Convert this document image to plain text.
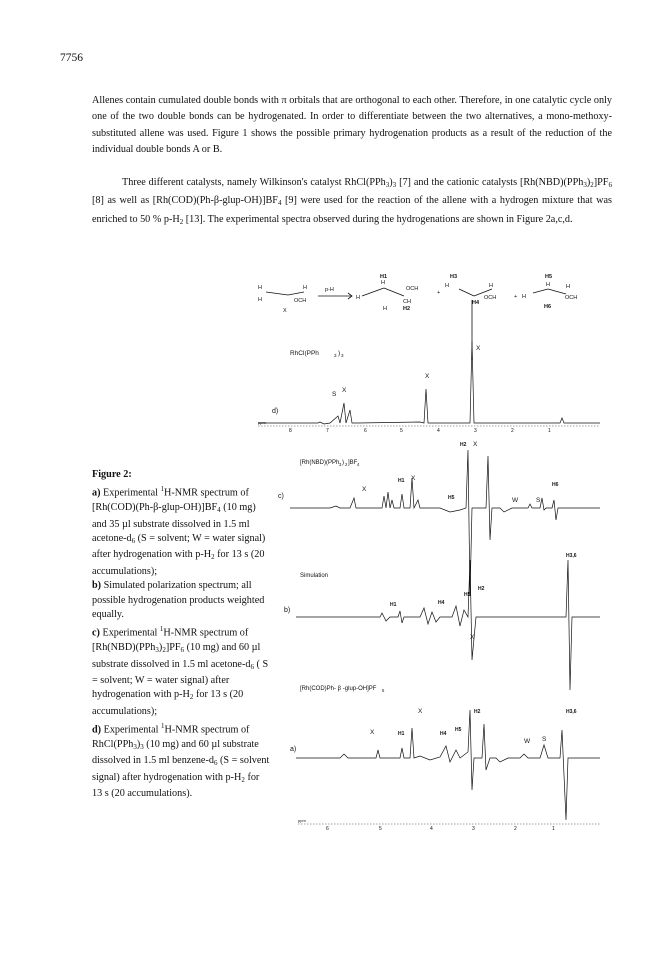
7756

Allenes contain cumulated double bonds with π orbitals that are orthogonal to each other. Therefore, in one catalytic cycle only one of the two double bonds can be hydrogenated. In order to differentiate between the two alternatives, a mono-methoxy-substituted allene was used. Figure 1 shows the possible primary hydrogenation products as a result of the reduction of the individual double bonds A or B.

Three different catalysts, namely Wilkinson's catalyst $RhCl(PPh_3)_3$ [7] and the cationic catalysts $[Rh(NBD)(PPh_3)_2]PF_6$ [8] as well as $[Rh(COD)(Ph-\beta-glup-OH)]BF_4$ [9] were used for the reaction of the allene with a hydrogen mixture that was enriched to 50 % $p-H_2$ [13]. The experimental spectra observed during the hydrogenations are shown in Figure 2a,c,d.

Figure 2:
a) Experimental $^1$H-NMR spectrum of $[Rh(COD)(Ph-\beta-glup-OH)]BF_4$ (10 mg) and 35 µl substrate dissolved in 1.5 ml acetone-$d_6$ (S = solvent; W = water signal) after hydrogenation with $p-H_2$ for 13 s (20 accumulations);
b) Simulated polarization spectrum; all possible hydrogenation products weighted equally.
c) Experimental $^1$H-NMR spectrum of $[Rh(NBD)(PPh_3)_2]PF_6$ (10 mg) and 60 µl substrate dissolved in 1.5 ml acetone-$d_6$ ( S = solvent; W = water signal) after hydrogenation with $p-H_2$ for 13 s (20 accumulations);
d) Experimental $^1$H-NMR spectrum of $RhCl(PPh_3)_3$ (10 mg) and 60 µl substrate dissolved in 1.5 ml benzene-$d_6$ (S = solvent signal) after hydrogenation with $p-H_2$ for 13 s (20 accumulations).

H
H
H
OCH
X
p-H
H
H1
H
CH
OCH
H	H2
+
H3
H	H
H4
OCH	+
H5
H
H
H
OCH
H6
RhCl(PPh	3 ) 3
d)
X
X
S
X
ppm
8	7	6	5	4	3	2	1
[Rh(NBD)(PPh 3 ) 2 ]BF 4
c)
X
H2
X
H1 X
H5	W	S
H6
Simulation
b)
H3,6
H2
H5
H4
H1
[Rh(COD)Ph- β -glup-OH]PF 6
a)
X
X	H2	H3,6
X	H1	H4
H5
W S
ppm
6	5	4	3	2	1
